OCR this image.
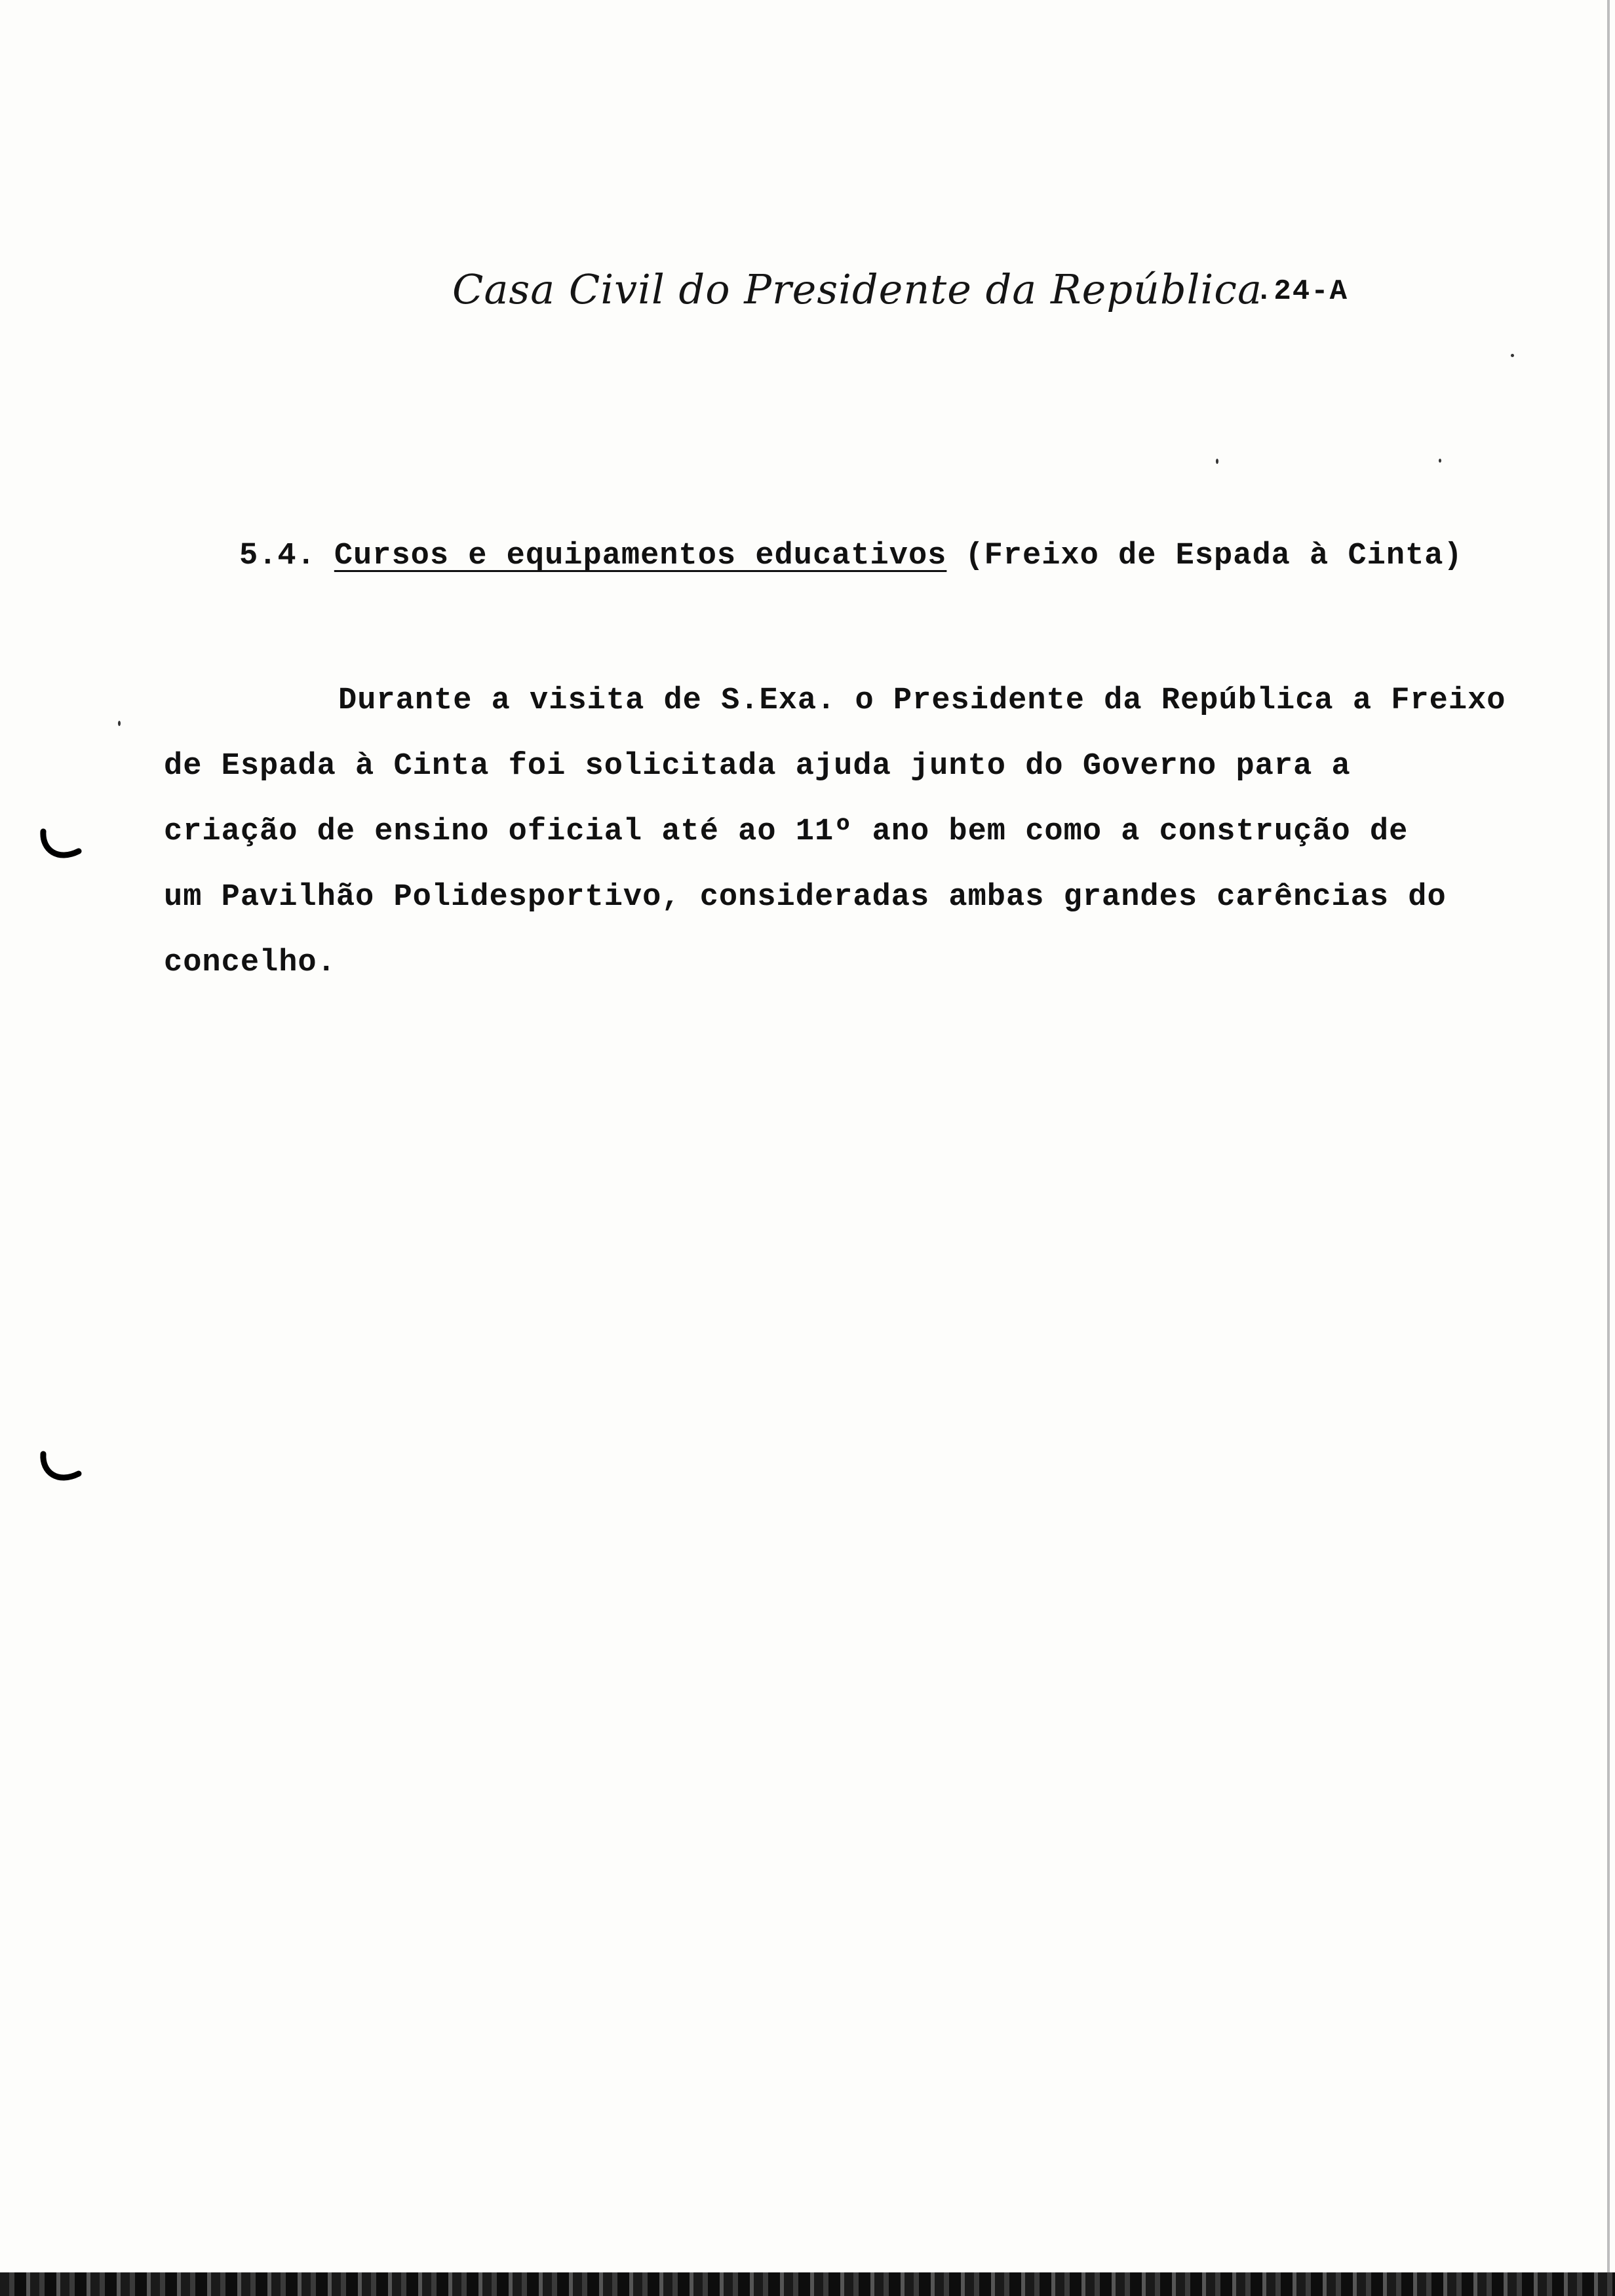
Casa Civil do Presidente da República
.24-A
5.4. Cursos e equipamentos educativos (Freixo de Espada à Cinta)
Durante a visita de S.Exa. o Presidente da República a Freixo
de Espada à Cinta foi solicitada ajuda junto do Governo para a
criação de ensino oficial até ao 11º ano bem como a construção de
um Pavilhão Polidesportivo, consideradas ambas grandes carências do
concelho.
